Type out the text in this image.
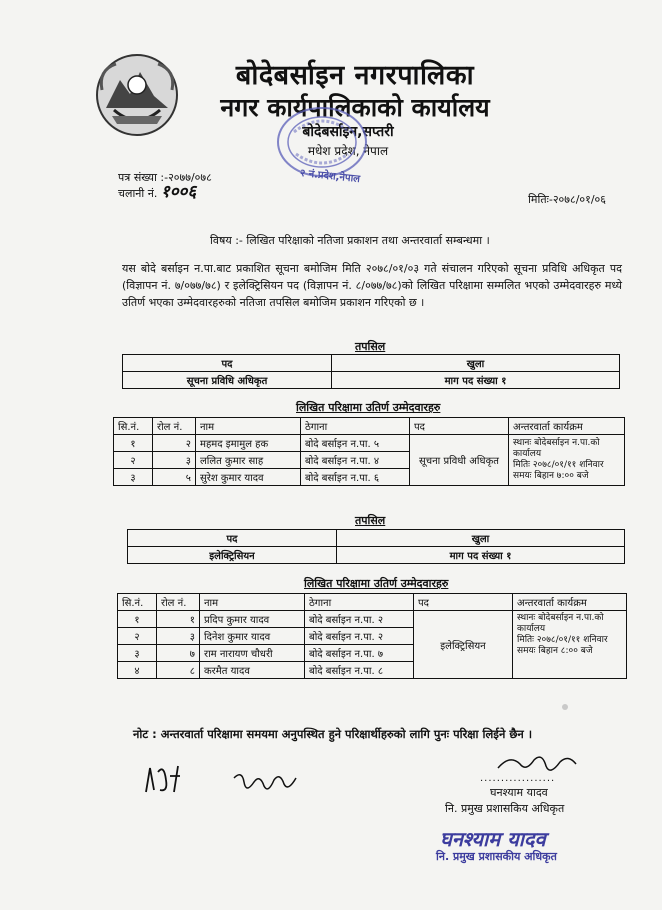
बोदेबर्साइन नगरपालिका
नगर कार्यपालिकाको कार्यालय
बोदेबर्साइन,सप्तरी
मधेश प्रदेश, नेपाल
२ नं.प्रदेश,नेपाल
पत्र संख्या :-२०७७/०७८
चलानी नं. १००६	मितिः-२०७८/०१/०६
विषय :- लिखित परिक्षाको नतिजा प्रकाशन तथा अन्तरवार्ता सम्बन्धमा ।
यस बोदे बर्साइन न.पा.बाट प्रकाशित सूचना बमोजिम मिति २०७८/०१/०३ गते संचालन गरिएको सूचना प्रविधि अधिकृत पद (विज्ञापन नं. ७/०७७/७८) र इलेक्ट्रिसियन पद (विज्ञापन नं. ८/०७७/७८)को लिखित परिक्षामा सम्मलित भएको उम्मेदवारहरु मध्ये उतिर्ण भएका उम्मेदवारहरुको नतिजा तपसिल बमोजिम प्रकाशन गरिएको छ ।
तपसिल
पद	खुला
सूचना प्रविधि अधिकृत	माग पद संख्या १
लिखित परिक्षामा उतिर्ण उम्मेदवारहरु
सि.नं.	रोल नं.	नाम	ठेगाना	पद	अन्तरवार्ता कार्यक्रम
१	२	महमद इमामुल हक	बोदे बर्साइन न.पा. ५	सूचना प्रविधी अधिकृत	स्थानः बोदेबर्साइन न.पा.को कार्यालय
मितिः २०७८/०१/११ शनिवार
समयः बिहान ७:०० बजे

२	३	ललित कुमार साह	बोदे बर्साइन न.पा. ४		
३	५	सुरेश कुमार यादव	बोदे बर्साइन न.पा. ६		
तपसिल
पद	खुला
इलेक्ट्रिसियन	माग पद संख्या १
लिखित परिक्षामा उतिर्ण उम्मेदवारहरु
सि.नं.	रोल नं.	नाम	ठेगाना	पद	अन्तरवार्ता कार्यक्रम
१	१	प्रदिप कुमार यादव	बोदे बर्साइन न.पा. २	इलेक्ट्रिसियन	स्थानः बोदेबर्साइन न.पा.को कार्यालय
मितिः २०७८/०१/११ शनिवार
समयः बिहान ८:०० बजे

२	३	दिनेश कुमार यादव	बोदे बर्साइन न.पा. २		
३	७	राम नारायण चौधरी	बोदे बर्साइन न.पा. ७		
४	८	करमैत यादव	बोदे बर्साइन न.पा. ८		
नोट : अन्तरवार्ता परिक्षामा समयमा अनुपस्थित हुने परिक्षार्थीहरुको लागि पुनः परिक्षा लिईने छैन ।
..................
घनश्याम यादव
नि. प्रमुख प्रशासकिय अधिकृत
घनश्याम यादव
नि. प्रमुख प्रशासकीय अधिकृत
